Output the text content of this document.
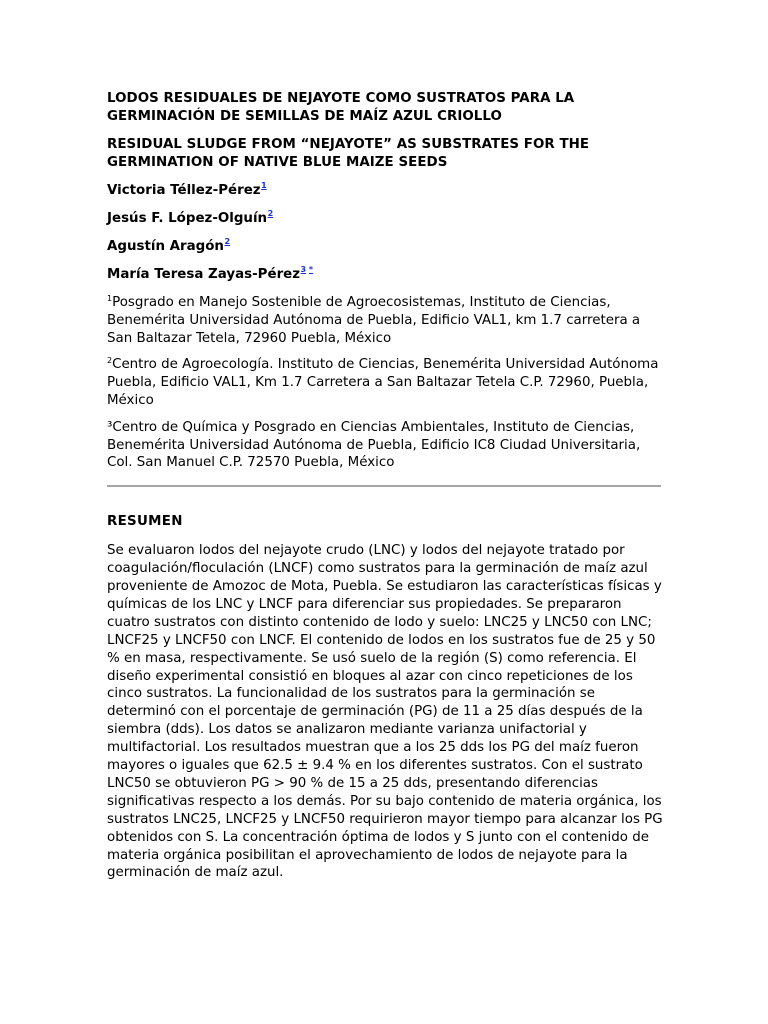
LODOS RESIDUALES DE NEJAYOTE COMO SUSTRATOS PARA LA GERMINACIÓN DE SEMILLAS DE MAÍZ AZUL CRIOLLO

RESIDUAL SLUDGE FROM “NEJAYOTE” AS SUBSTRATES FOR THE GERMINATION OF NATIVE BLUE MAIZE SEEDS

Victoria Téllez-Pérez$^1$

Jesús F. López-Olguín$^2$

Agustín Aragón$^2$

María Teresa Zayas-Pérez$^{3 *}$

$^1$Posgrado en Manejo Sostenible de Agroecosistemas, Instituto de Ciencias, Benemérita Universidad Autónoma de Puebla, Edificio VAL1, km 1.7 carretera a San Baltazar Tetela, 72960 Puebla, México

$^2$Centro de Agroecología. Instituto de Ciencias, Benemérita Universidad Autónoma Puebla, Edificio VAL1, Km 1.7 Carretera a San Baltazar Tetela C.P. 72960, Puebla, México

³Centro de Química y Posgrado en Ciencias Ambientales, Instituto de Ciencias, Benemérita Universidad Autónoma de Puebla, Edificio IC8 Ciudad Universitaria, Col. San Manuel C.P. 72570 Puebla, México

RESUMEN

Se evaluaron lodos del nejayote crudo (LNC) y lodos del nejayote tratado por coagulación/floculación (LNCF) como sustratos para la germinación de maíz azul proveniente de Amozoc de Mota, Puebla. Se estudiaron las características físicas y químicas de los LNC y LNCF para diferenciar sus propiedades. Se prepararon cuatro sustratos con distinto contenido de lodo y suelo: LNC25 y LNC50 con LNC; LNCF25 y LNCF50 con LNCF. El contenido de lodos en los sustratos fue de 25 y 50 % en masa, respectivamente. Se usó suelo de la región (S) como referencia. El diseño experimental consistió en bloques al azar con cinco repeticiones de los cinco sustratos. La funcionalidad de los sustratos para la germinación se determinó con el porcentaje de germinación (PG) de 11 a 25 días después de la siembra (dds). Los datos se analizaron mediante varianza unifactorial y multifactorial. Los resultados muestran que a los 25 dds los PG del maíz fueron mayores o iguales que 62.5 ± 9.4 % en los diferentes sustratos. Con el sustrato LNC50 se obtuvieron PG > 90 % de 15 a 25 dds, presentando diferencias significativas respecto a los demás. Por su bajo contenido de materia orgánica, los sustratos LNC25, LNCF25 y LNCF50 requirieron mayor tiempo para alcanzar los PG obtenidos con S. La concentración óptima de lodos y S junto con el contenido de materia orgánica posibilitan el aprovechamiento de lodos de nejayote para la germinación de maíz azul.
